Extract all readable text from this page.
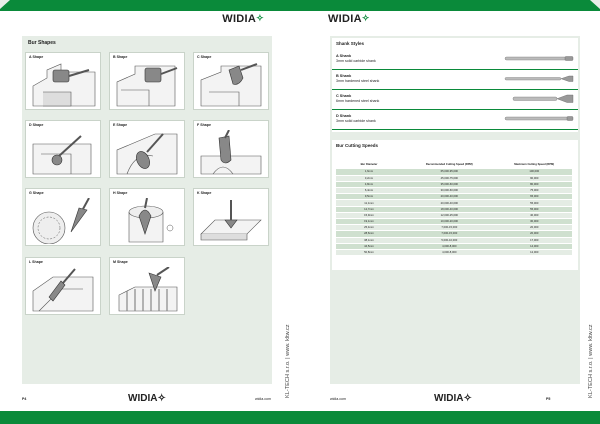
WIDIA✧
Bur Shapes
A Shape	B Shape	C Shape
D Shape	E Shape	F Shape
G Shape	H Shape	K Shape
L Shape	M Shape
P4	WIDIA✧	widia.com
KL-TECH s.r.o. | www. kltw.cz
WIDIA✧
Shank Styles
A Shank
3mm solid carbide shank
B Shank
3mm hardened steel shank
C Shank
6mm hardened steel shank
D Shank
3mm solid carbide shank
Bur Cutting Speeds
Bur Diameter	Recommended Cutting Speed (RPM)	Maximum Cutting Speed (RPM)
1,6mm	65,000-95,000	100,000
3,2mm	45,000-75,000	90,000
4,8mm	35,000-60,000	80,000
6,4mm	30,000-60,000	75,000
9,5mm	20,000-40,000	65,000
11,1mm	20,000-40,000	55,000
12,7mm	18,000-40,000	55,000
15,9mm	12,000-25,000	40,000
19,1mm	10,000-20,000	30,000
25,4mm	7,000-15,000	20,000
28,6mm	7,000-15,000	20,000
38,1mm	5,000-10,000	17,000
44,5mm	4,000-8,000	14,000
50,8mm	4,000-8,000	12,000
P5
WIDIA✧
widia.com
KL-TECH s.r.o. | www. kltw.cz
